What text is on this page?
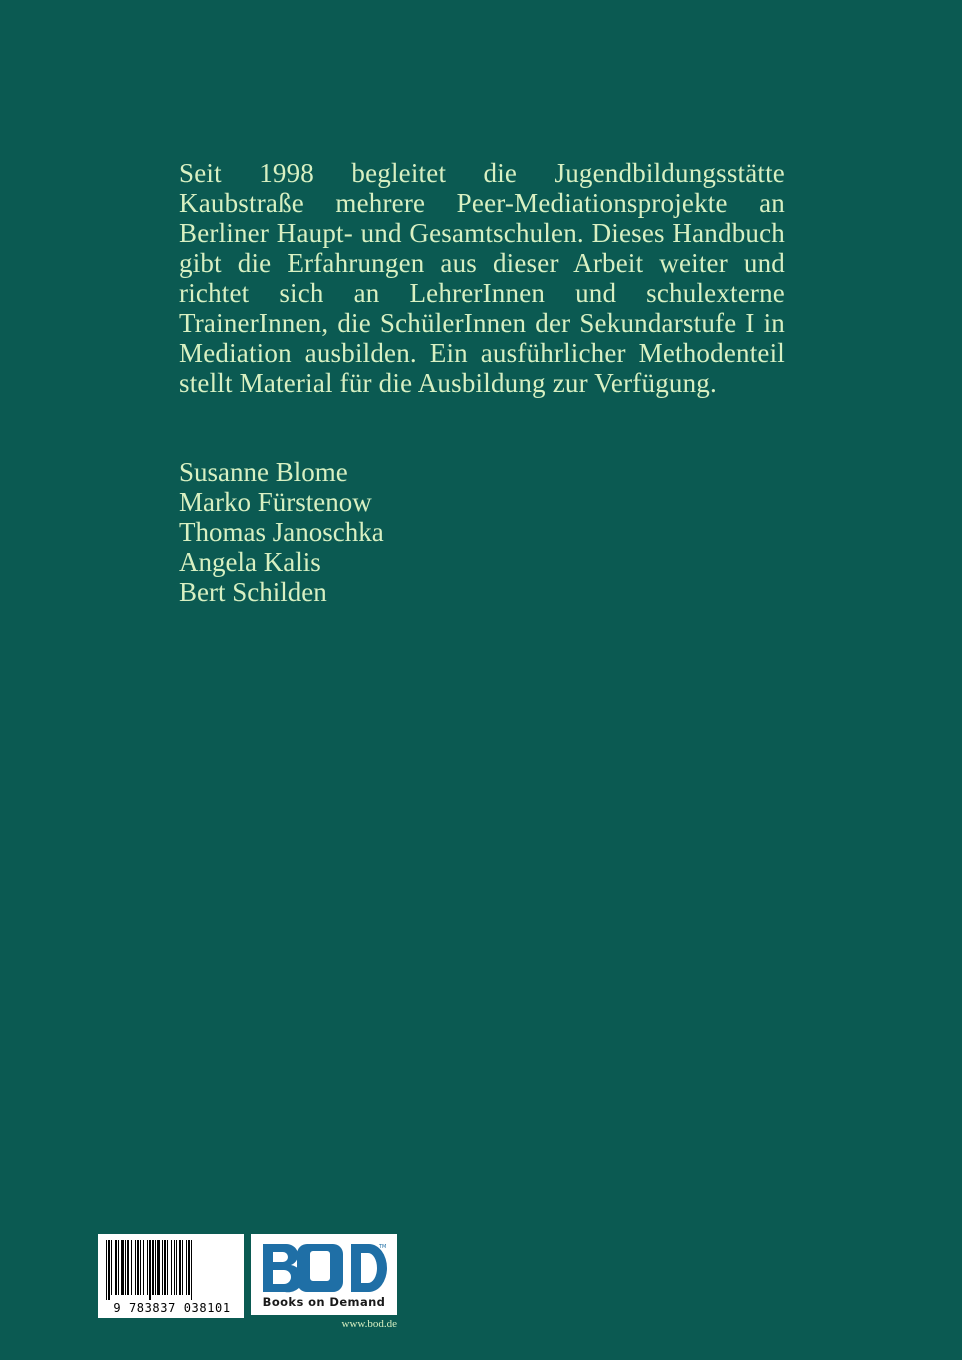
Seit 1998 begleitet die Jugendbildungsstätte Kaubstraße mehrere Peer-Mediationsprojekte an Berliner Haupt- und Gesamtschulen. Dieses Handbuch gibt die Erfahrungen aus dieser Arbeit weiter und richtet sich an LehrerInnen und schulexterne TrainerInnen, die SchülerInnen der Sekundarstufe I in Mediation ausbilden. Ein ausführlicher Methodenteil stellt Material für die Ausbildung zur Verfügung.

Susanne Blome
Marko Fürstenow
Thomas Janoschka
Angela Kalis
Bert Schilden
9 783837 038101
TM
Books on Demand
www.bod.de
